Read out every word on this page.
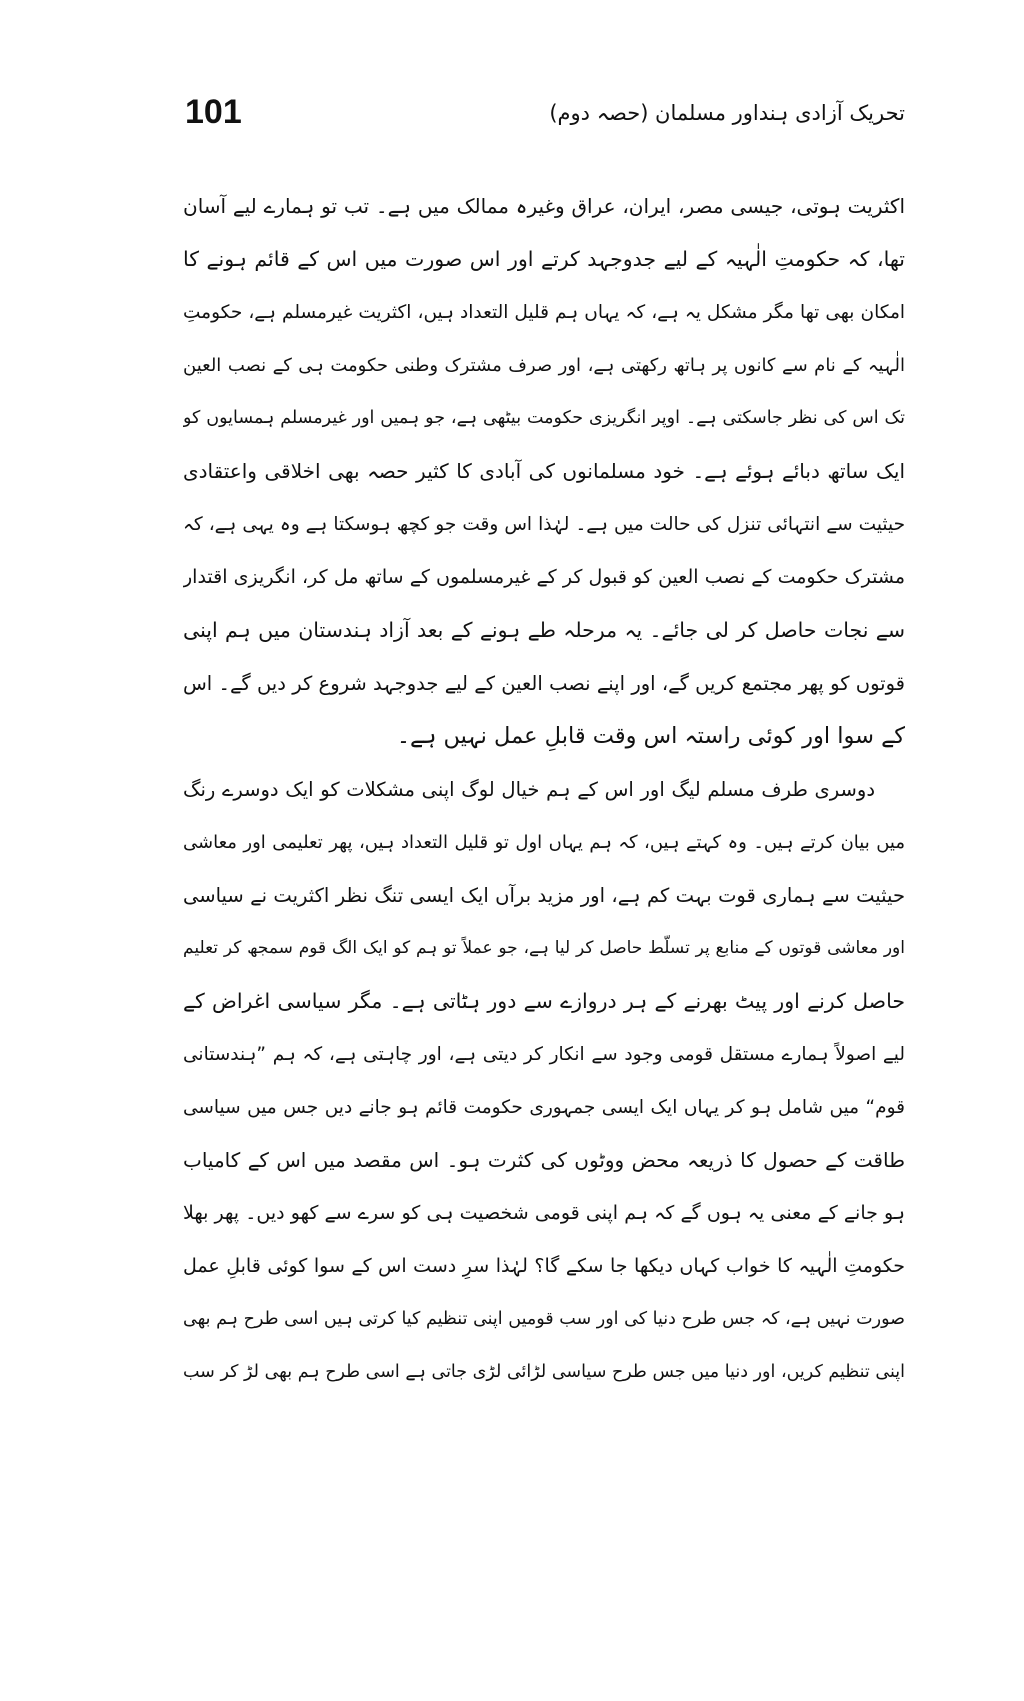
101	تحریک آزادی ہنداور مسلمان (حصہ دوم)
اکثریت ہوتی، جیسی مصر، ایران، عراق وغیرہ ممالک میں ہے۔ تب تو ہمارے لیے آسان
تھا، کہ حکومتِ الٰہیہ کے لیے جدوجہد کرتے اور اس صورت میں اس کے قائم ہونے کا
امکان بھی تھا مگر مشکل یہ ہے، کہ یہاں ہم قلیل التعداد ہیں، اکثریت غیرمسلم ہے، حکومتِ
الٰہیہ کے نام سے کانوں پر ہاتھ رکھتی ہے، اور صرف مشترک وطنی حکومت ہی کے نصب العین
تک اس کی نظر جاسکتی ہے۔ اوپر انگریزی حکومت بیٹھی ہے، جو ہمیں اور غیرمسلم ہمسایوں کو
ایک ساتھ دبائے ہوئے ہے۔ خود مسلمانوں کی آبادی کا کثیر حصہ بھی اخلاقی واعتقادی
حیثیت سے انتہائی تنزل کی حالت میں ہے۔ لہٰذا اس وقت جو کچھ ہوسکتا ہے وہ یہی ہے، کہ
مشترک حکومت کے نصب العین کو قبول کر کے غیرمسلموں کے ساتھ مل کر، انگریزی اقتدار
سے نجات حاصل کر لی جائے۔ یہ مرحلہ طے ہونے کے بعد آزاد ہندستان میں ہم اپنی
قوتوں کو پھر مجتمع کریں گے، اور اپنے نصب العین کے لیے جدوجہد شروع کر دیں گے۔ اس
کے سوا اور کوئی راستہ اس وقت قابلِ عمل نہیں ہے۔
دوسری طرف مسلم لیگ اور اس کے ہم خیال لوگ اپنی مشکلات کو ایک دوسرے رنگ
میں بیان کرتے ہیں۔ وہ کہتے ہیں، کہ ہم یہاں اول تو قلیل التعداد ہیں، پھر تعلیمی اور معاشی
حیثیت سے ہماری قوت بہت کم ہے، اور مزید برآں ایک ایسی تنگ نظر اکثریت نے سیاسی
اور معاشی قوتوں کے منابع پر تسلّط حاصل کر لیا ہے، جو عملاً تو ہم کو ایک الگ قوم سمجھ کر تعلیم
حاصل کرنے اور پیٹ بھرنے کے ہر دروازے سے دور ہٹاتی ہے۔ مگر سیاسی اغراض کے
لیے اصولاً ہمارے مستقل قومی وجود سے انکار کر دیتی ہے، اور چاہتی ہے، کہ ہم ”ہندستانی
قوم“ میں شامل ہو کر یہاں ایک ایسی جمہوری حکومت قائم ہو جانے دیں جس میں سیاسی
طاقت کے حصول کا ذریعہ محض ووٹوں کی کثرت ہو۔ اس مقصد میں اس کے کامیاب
ہو جانے کے معنی یہ ہوں گے کہ ہم اپنی قومی شخصیت ہی کو سرے سے کھو دیں۔ پھر بھلا
حکومتِ الٰہیہ کا خواب کہاں دیکھا جا سکے گا؟ لہٰذا سرِ دست اس کے سوا کوئی قابلِ عمل
صورت نہیں ہے، کہ جس طرح دنیا کی اور سب قومیں اپنی تنظیم کیا کرتی ہیں اسی طرح ہم بھی
اپنی تنظیم کریں، اور دنیا میں جس طرح سیاسی لڑائی لڑی جاتی ہے اسی طرح ہم بھی لڑ کر سب
